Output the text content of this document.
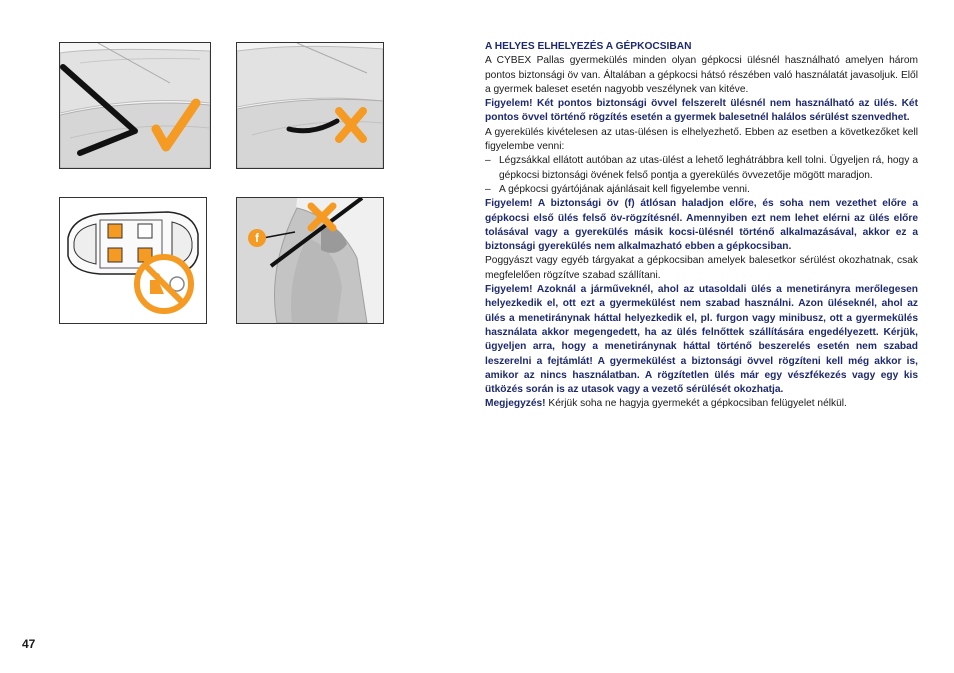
f

A HELYES ELHELYEZÉS A GÉPKOCSIBAN

A CYBEX Pallas gyermekülés minden olyan gépkocsi ülésnél használható amelyen három pontos biztonsági öv van. Általában a gépkocsi hátsó részében való használatát javasoljuk. Elől a gyermek baleset esetén nagyobb veszélynek van kitéve.

Figyelem! Két pontos biztonsági övvel felszerelt ülésnél nem használható az ülés. Két pontos övvel történő rögzítés esetén a gyermek balesetnél halálos sérülést szenvedhet.

A gyerekülés kivételesen az utas-ülésen is elhelyezhető. Ebben az esetben a következőket kell figyelembe venni:

– Légzsákkal ellátott autóban az utas-ülést a lehető leghátrábbra kell tolni. Ügyeljen rá, hogy a gépkocsi biztonsági övének felső pontja a gyerekülés övvezetője mögött maradjon.
– A gépkocsi gyártójának ajánlásait kell figyelembe venni.

Figyelem! A biztonsági öv (f) átlósan haladjon előre, és soha nem vezethet előre a gépkocsi első ülés felső öv-rögzítésnél. Amennyiben ezt nem lehet elérni az ülés előre tolásával vagy a gyerekülés másik kocsi-ülésnél történő alkalmazásával, akkor ez a biztonsági gyerekülés nem alkalmazható ebben a gépkocsiban.

Poggyászt vagy egyéb tárgyakat a gépkocsiban amelyek balesetkor sérülést okozhatnak, csak megfelelően rögzítve szabad szállítani.

Figyelem! Azoknál a járműveknél, ahol az utasoldali ülés a menetirányra merőlegesen helyezkedik el, ott ezt a gyermekülést nem szabad használni. Azon üléseknél, ahol az ülés a menetiránynak háttal helyezkedik el, pl. furgon vagy minibusz, ott a gyermekülés használata akkor megengedett, ha az ülés felnőttek szállítására engedélyezett. Kérjük, ügyeljen arra, hogy a menetiránynak háttal történő beszerelés esetén nem szabad leszerelni a fejtámlát! A gyermekülést a biztonsági övvel rögzíteni kell még akkor is, amikor az nincs használatban. A rögzítetlen ülés már egy vészfékezés vagy egy kis ütközés során is az utasok vagy a vezető sérülését okozhatja.

Megjegyzés! Kérjük soha ne hagyja gyermekét a gépkocsiban felügyelet nélkül.

47
